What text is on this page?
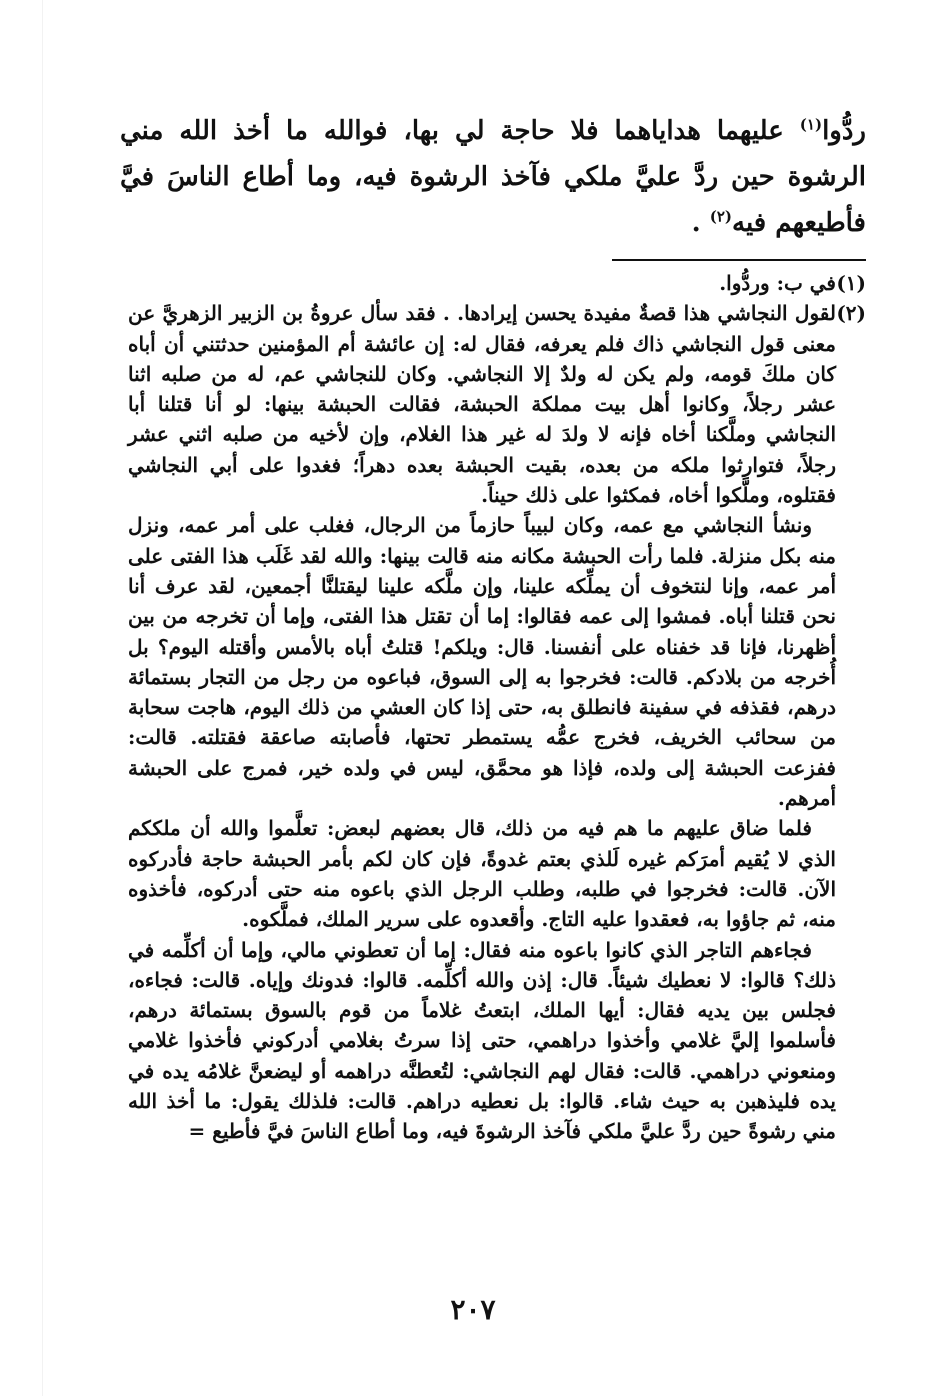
ردُّوا$^{(١)}$ عليهما هداياهما فلا حاجة لي بها، فوالله ما أخذ الله مني الرشوة حين ردَّ عليَّ ملكي فآخذ الرشوة فيه، وما أطاع الناسَ فيَّ فأطيعهم فيه$^{(٢)}$ .

(١)

في ب: وردُّوا.

(٢)

لقول النجاشي هذا قصةٌ مفيدة يحسن إيرادها. . فقد سأل عروةُ بن الزبير الزهريَّ عن معنى قول النجاشي ذاك فلم يعرفه، فقال له: إن عائشة أم المؤمنين حدثتني أن أباه كان ملكَ قومه، ولم يكن له ولدٌ إلا النجاشي. وكان للنجاشي عم، له من صلبه اثنا عشر رجلاً، وكانوا أهل بيت مملكة الحبشة، فقالت الحبشة بينها: لو أنا قتلنا أبا النجاشي وملَّكنا أخاه فإنه لا ولدَ له غير هذا الغلام، وإن لأخيه من صلبه اثني عشر رجلاً، فتوارثوا ملكه من بعده، بقيت الحبشة بعده دهراً؛ فغدوا على أبي النجاشي فقتلوه، وملَّكوا أخاه، فمكثوا على ذلك حيناً.

ونشأ النجاشي مع عمه، وكان لبيباً حازماً من الرجال، فغلب على أمر عمه، ونزل منه بكل منزلة. فلما رأت الحبشة مكانه منه قالت بينها: والله لقد غَلَب هذا الفتى على أمر عمه، وإنا لنتخوف أن يملِّكه علينا، وإن ملَّكه علينا ليقتلنَّا أجمعين، لقد عرف أنا نحن قتلنا أباه. فمشوا إلى عمه فقالوا: إما أن تقتل هذا الفتى، وإما أن تخرجه من بين أظهرنا، فإنا قد خفناه على أنفسنا. قال: ويلكم! قتلتُ أباه بالأمس وأقتله اليوم؟ بل أُخرجه من بلادكم. قالت: فخرجوا به إلى السوق، فباعوه من رجل من التجار بستمائة درهم، فقذفه في سفينة فانطلق به، حتى إذا كان العشي من ذلك اليوم، هاجت سحابة من سحائب الخريف، فخرج عمُّه يستمطر تحتها، فأصابته صاعقة فقتلته. قالت: ففزعت الحبشة إلى ولده، فإذا هو محمَّق، ليس في ولده خير، فمرج على الحبشة أمرهم.

فلما ضاق عليهم ما هم فيه من ذلك، قال بعضهم لبعض: تعلَّموا والله أن ملككم الذي لا يُقيم أمرَكم غيره لَلذي بعتم غدوةً، فإن كان لكم بأمر الحبشة حاجة فأدركوه الآن. قالت: فخرجوا في طلبه، وطلب الرجل الذي باعوه منه حتى أدركوه، فأخذوه منه، ثم جاؤوا به، فعقدوا عليه التاج. وأقعدوه على سرير الملك، فملَّكوه.

فجاءهم التاجر الذي كانوا باعوه منه فقال: إما أن تعطوني مالي، وإما أن أكلِّمه في ذلك؟ قالوا: لا نعطيك شيئاً. قال: إذن والله أكلِّمه. قالوا: فدونك وإياه. قالت: فجاءه، فجلس بين يديه فقال: أيها الملك، ابتعتُ غلاماً من قوم بالسوق بستمائة درهم، فأسلموا إليَّ غلامي وأخذوا دراهمي، حتى إذا سرتُ بغلامي أدركوني فأخذوا غلامي ومنعوني دراهمي. قالت: فقال لهم النجاشي: لتُعطنَّه دراهمه أو ليضعنَّ غلامُه يده في يده فليذهبن به حيث شاء. قالوا: بل نعطيه دراهم. قالت: فلذلك يقول: ما أخذ الله مني رشوةً حين ردَّ عليَّ ملكي فآخذ الرشوةَ فيه، وما أطاع الناسَ فيَّ فأطيع =

٢٠٧
